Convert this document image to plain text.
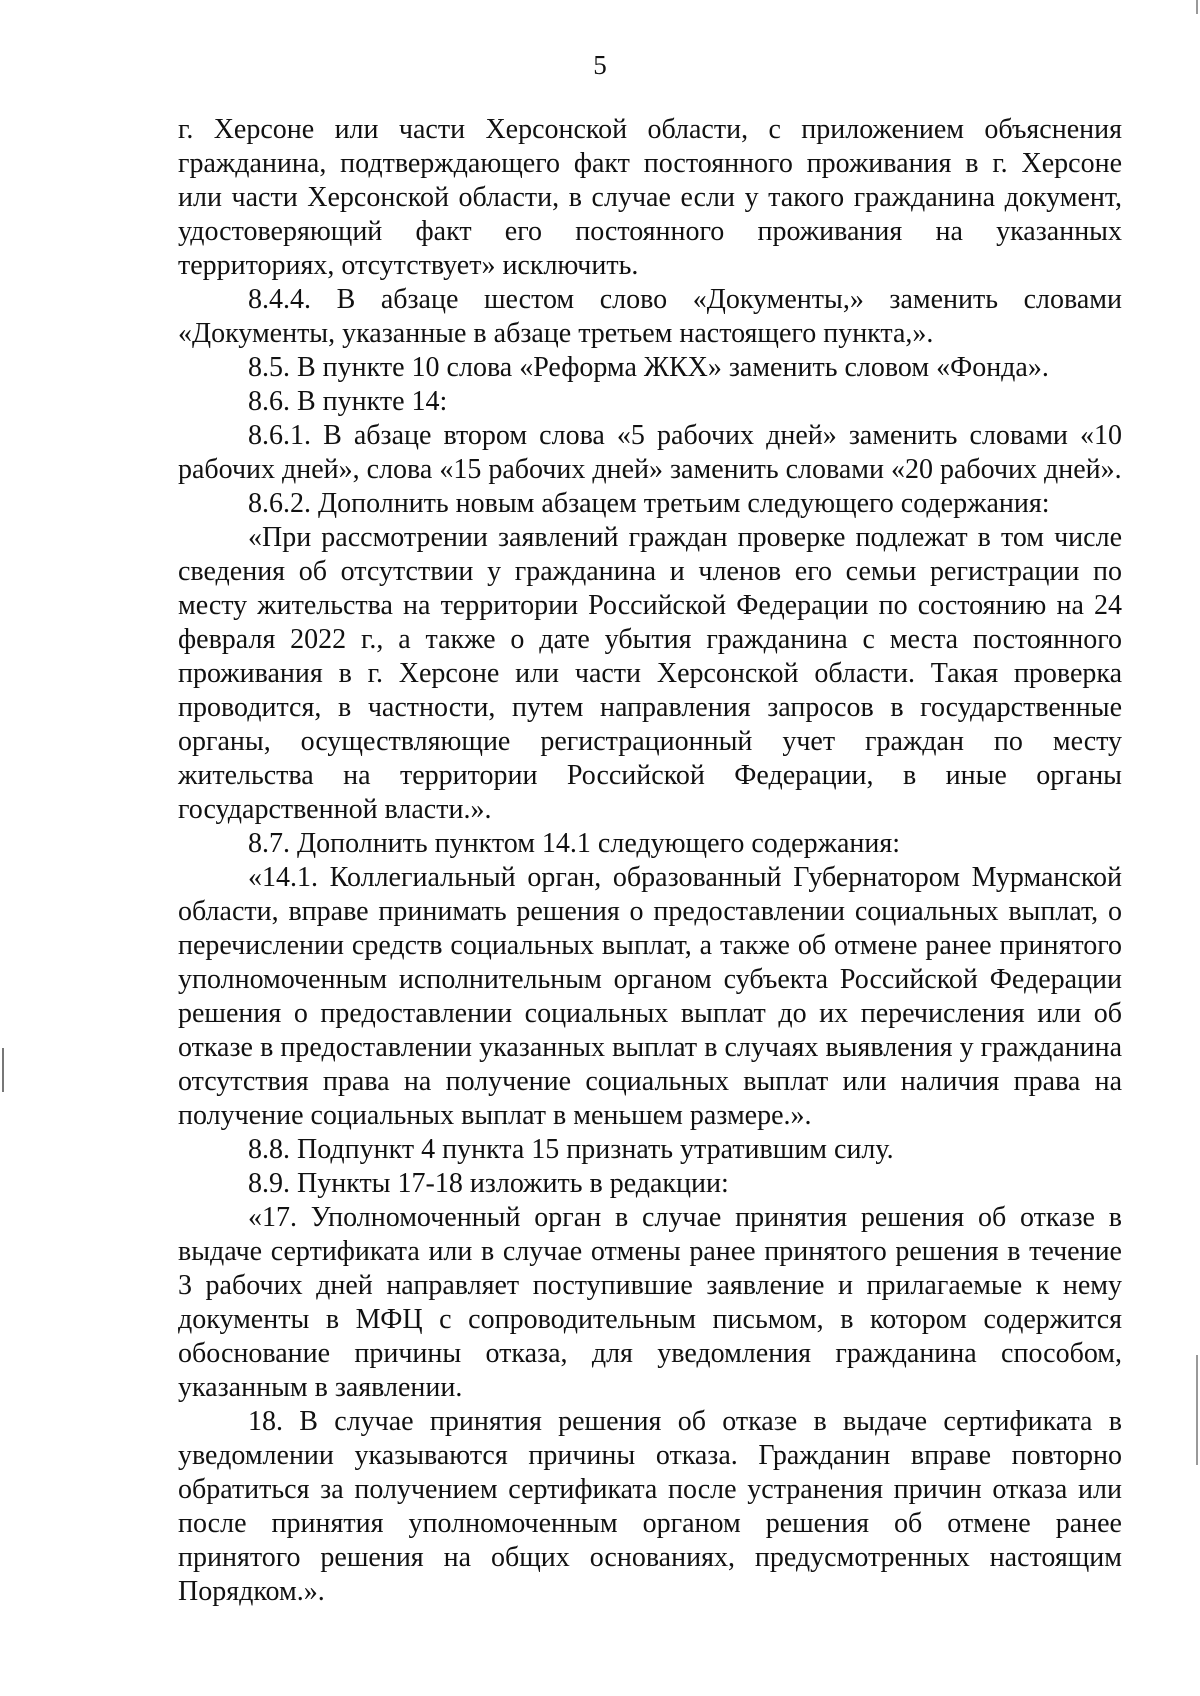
5

г. Херсоне или части Херсонской области, с приложением объяснения гражданина, подтверждающего факт постоянного проживания в г. Херсоне или части Херсонской области, в случае если у такого гражданина документ, удостоверяющий факт его постоянного проживания на указанных территориях, отсутствует» исключить.

8.4.4. В абзаце шестом слово «Документы,» заменить словами «Документы, указанные в абзаце третьем настоящего пункта,».

8.5. В пункте 10 слова «Реформа ЖКХ» заменить словом «Фонда».

8.6. В пункте 14:

8.6.1. В абзаце втором слова «5 рабочих дней» заменить словами «10 рабочих дней», слова «15 рабочих дней» заменить словами «20 рабочих дней».

8.6.2. Дополнить новым абзацем третьим следующего содержания:

«При рассмотрении заявлений граждан проверке подлежат в том числе сведения об отсутствии у гражданина и членов его семьи регистрации по месту жительства на территории Российской Федерации по состоянию на 24 февраля 2022 г., а также о дате убытия гражданина с места постоянного проживания в г. Херсоне или части Херсонской области. Такая проверка проводится, в частности, путем направления запросов в государственные органы, осуществляющие регистрационный учет граждан по месту жительства на территории Российской Федерации, в иные органы государственной власти.».

8.7. Дополнить пунктом 14.1 следующего содержания:

«14.1. Коллегиальный орган, образованный Губернатором Мурманской области, вправе принимать решения о предоставлении социальных выплат, о перечислении средств социальных выплат, а также об отмене ранее принятого уполномоченным исполнительным органом субъекта Российской Федерации решения о предоставлении социальных выплат до их перечисления или об отказе в предоставлении указанных выплат в случаях выявления у гражданина отсутствия права на получение социальных выплат или наличия права на получение социальных выплат в меньшем размере.».

8.8. Подпункт 4 пункта 15 признать утратившим силу.

8.9. Пункты 17-18 изложить в редакции:

«17. Уполномоченный орган в случае принятия решения об отказе в выдаче сертификата или в случае отмены ранее принятого решения в течение 3 рабочих дней направляет поступившие заявление и прилагаемые к нему документы в МФЦ с сопроводительным письмом, в котором содержится обоснование причины отказа, для уведомления гражданина способом, указанным в заявлении.

18. В случае принятия решения об отказе в выдаче сертификата в уведомлении указываются причины отказа. Гражданин вправе повторно обратиться за получением сертификата после устранения причин отказа или после принятия уполномоченным органом решения об отмене ранее принятого решения на общих основаниях, предусмотренных настоящим Порядком.».
